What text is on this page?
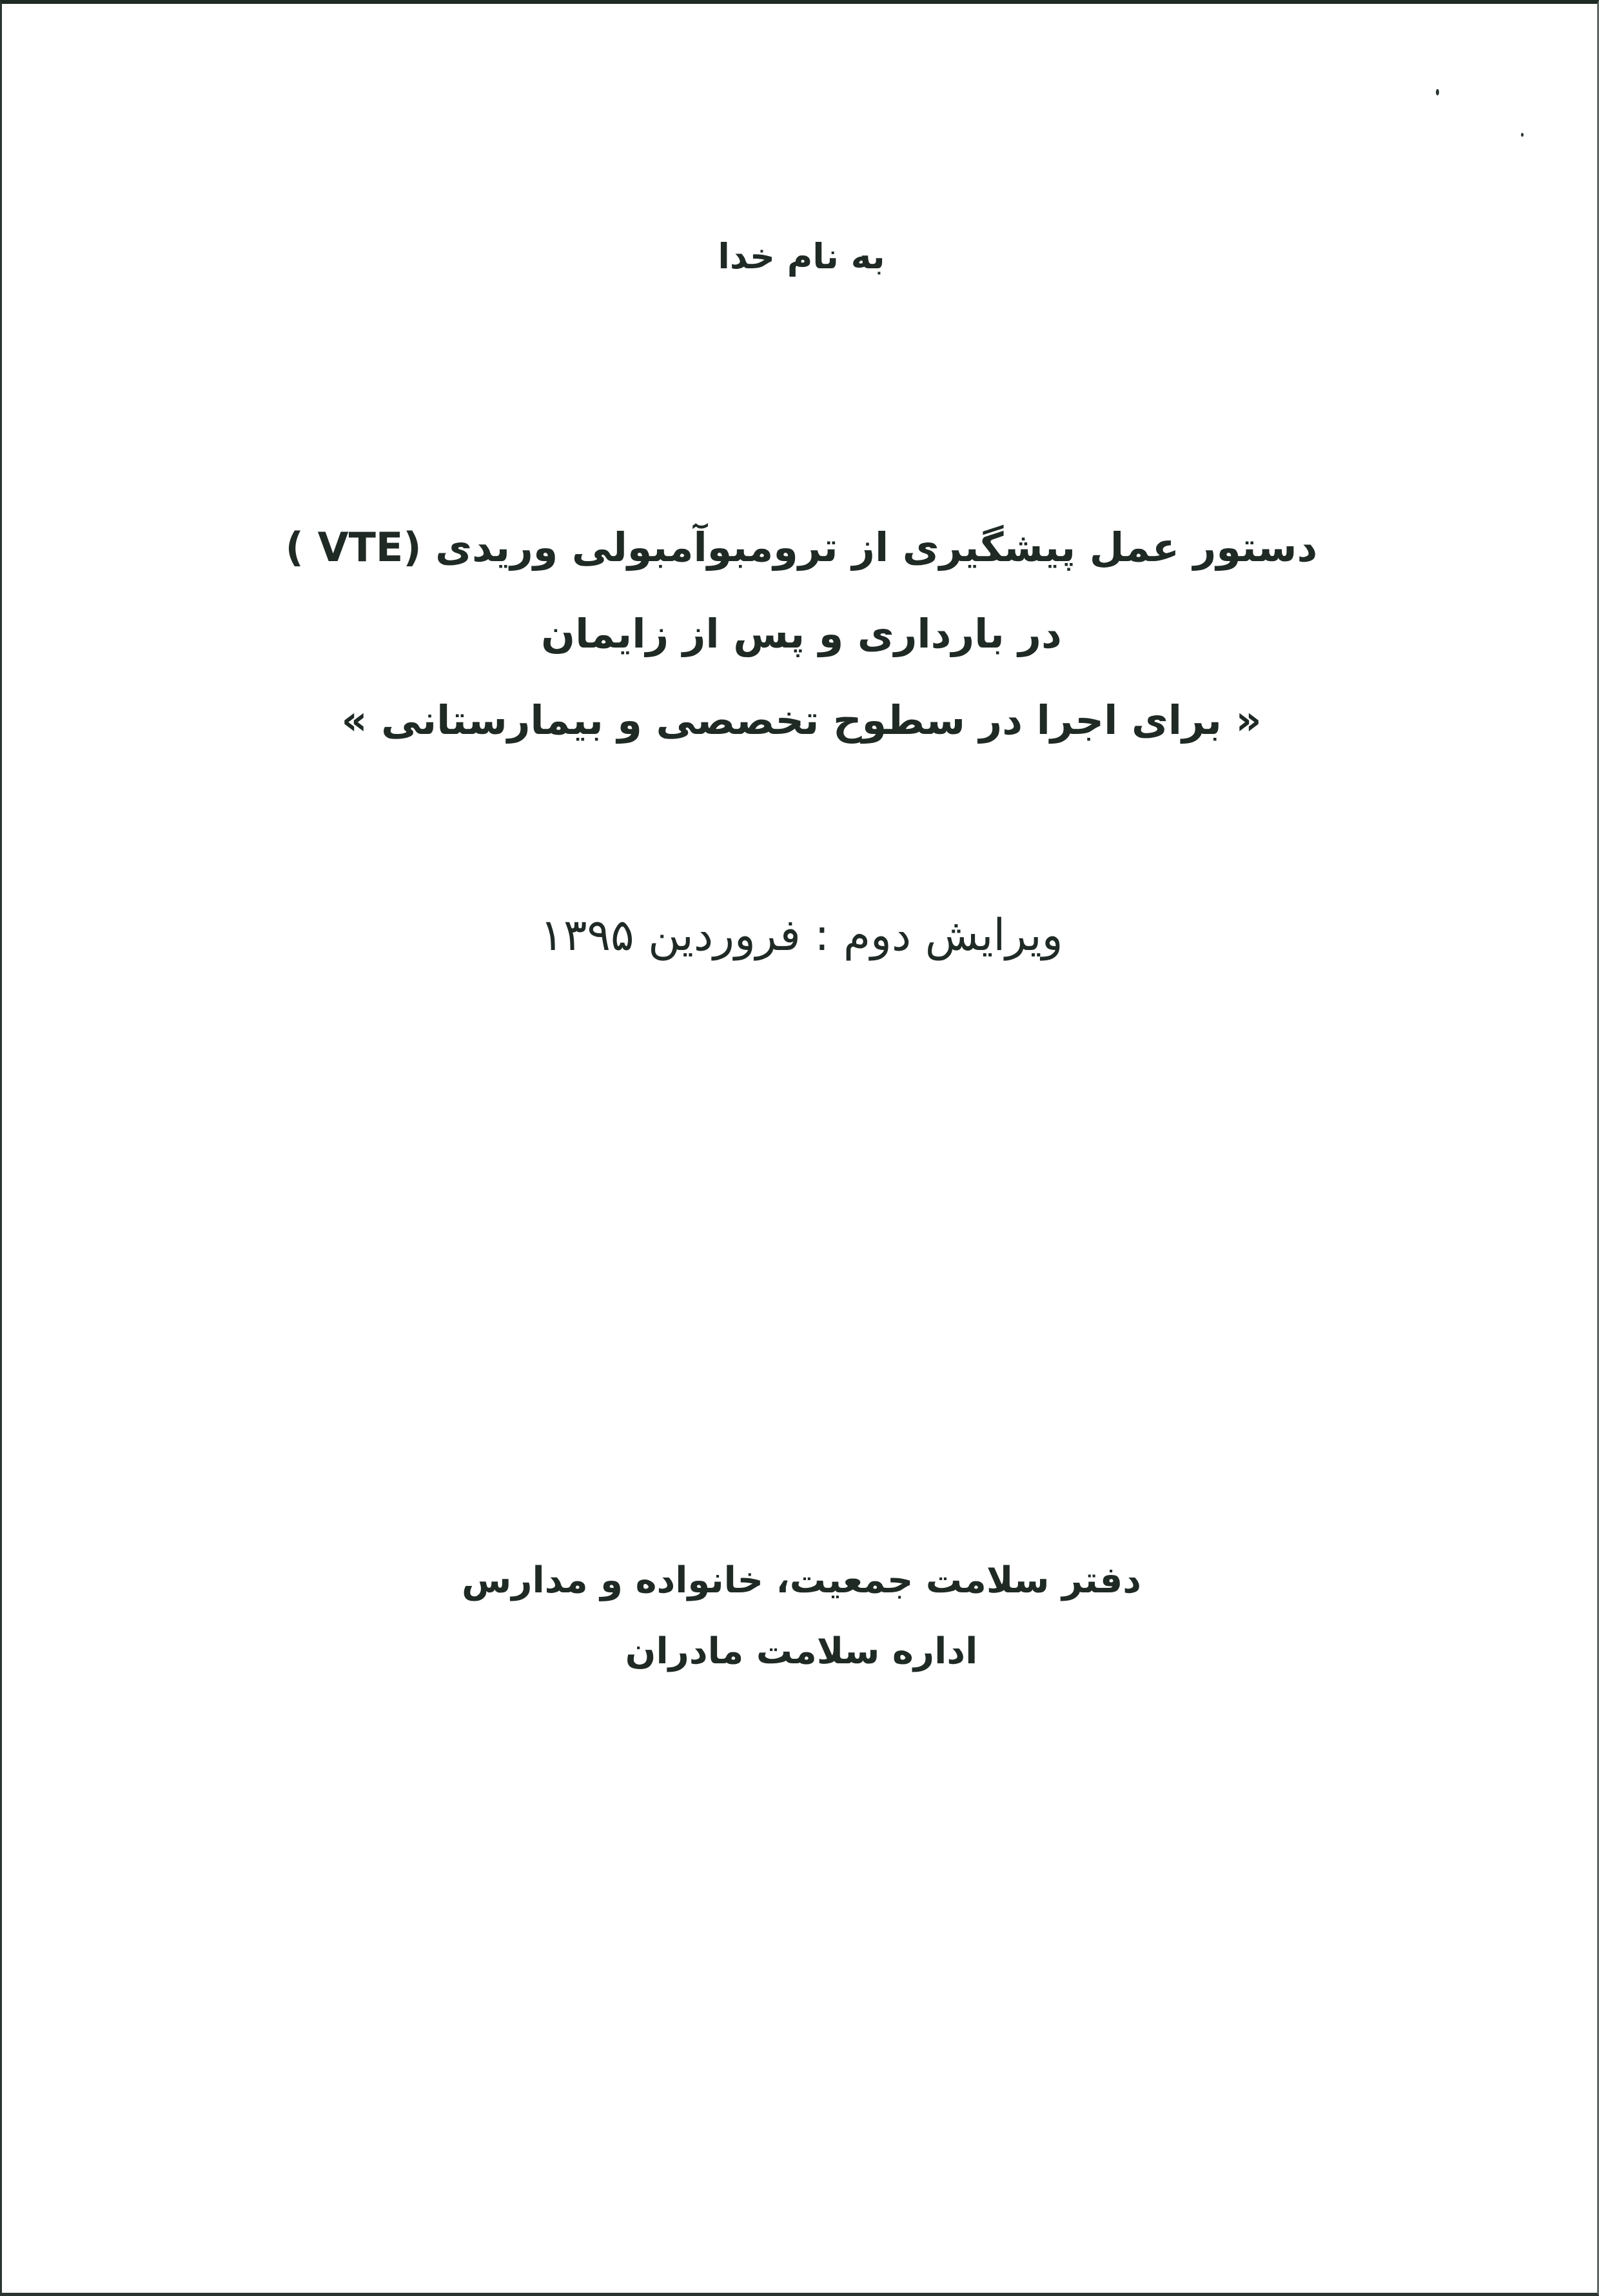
به نام خدا
دستور عمل پیشگیری از ترومبوآمبولی وریدی (VTE )
در بارداری و پس از زایمان
« برای اجرا در سطوح تخصصی و بیمارستانی »
ویرایش دوم : فروردین ۱۳۹۵
دفتر سلامت جمعیت، خانواده و مدارس
اداره سلامت مادران
